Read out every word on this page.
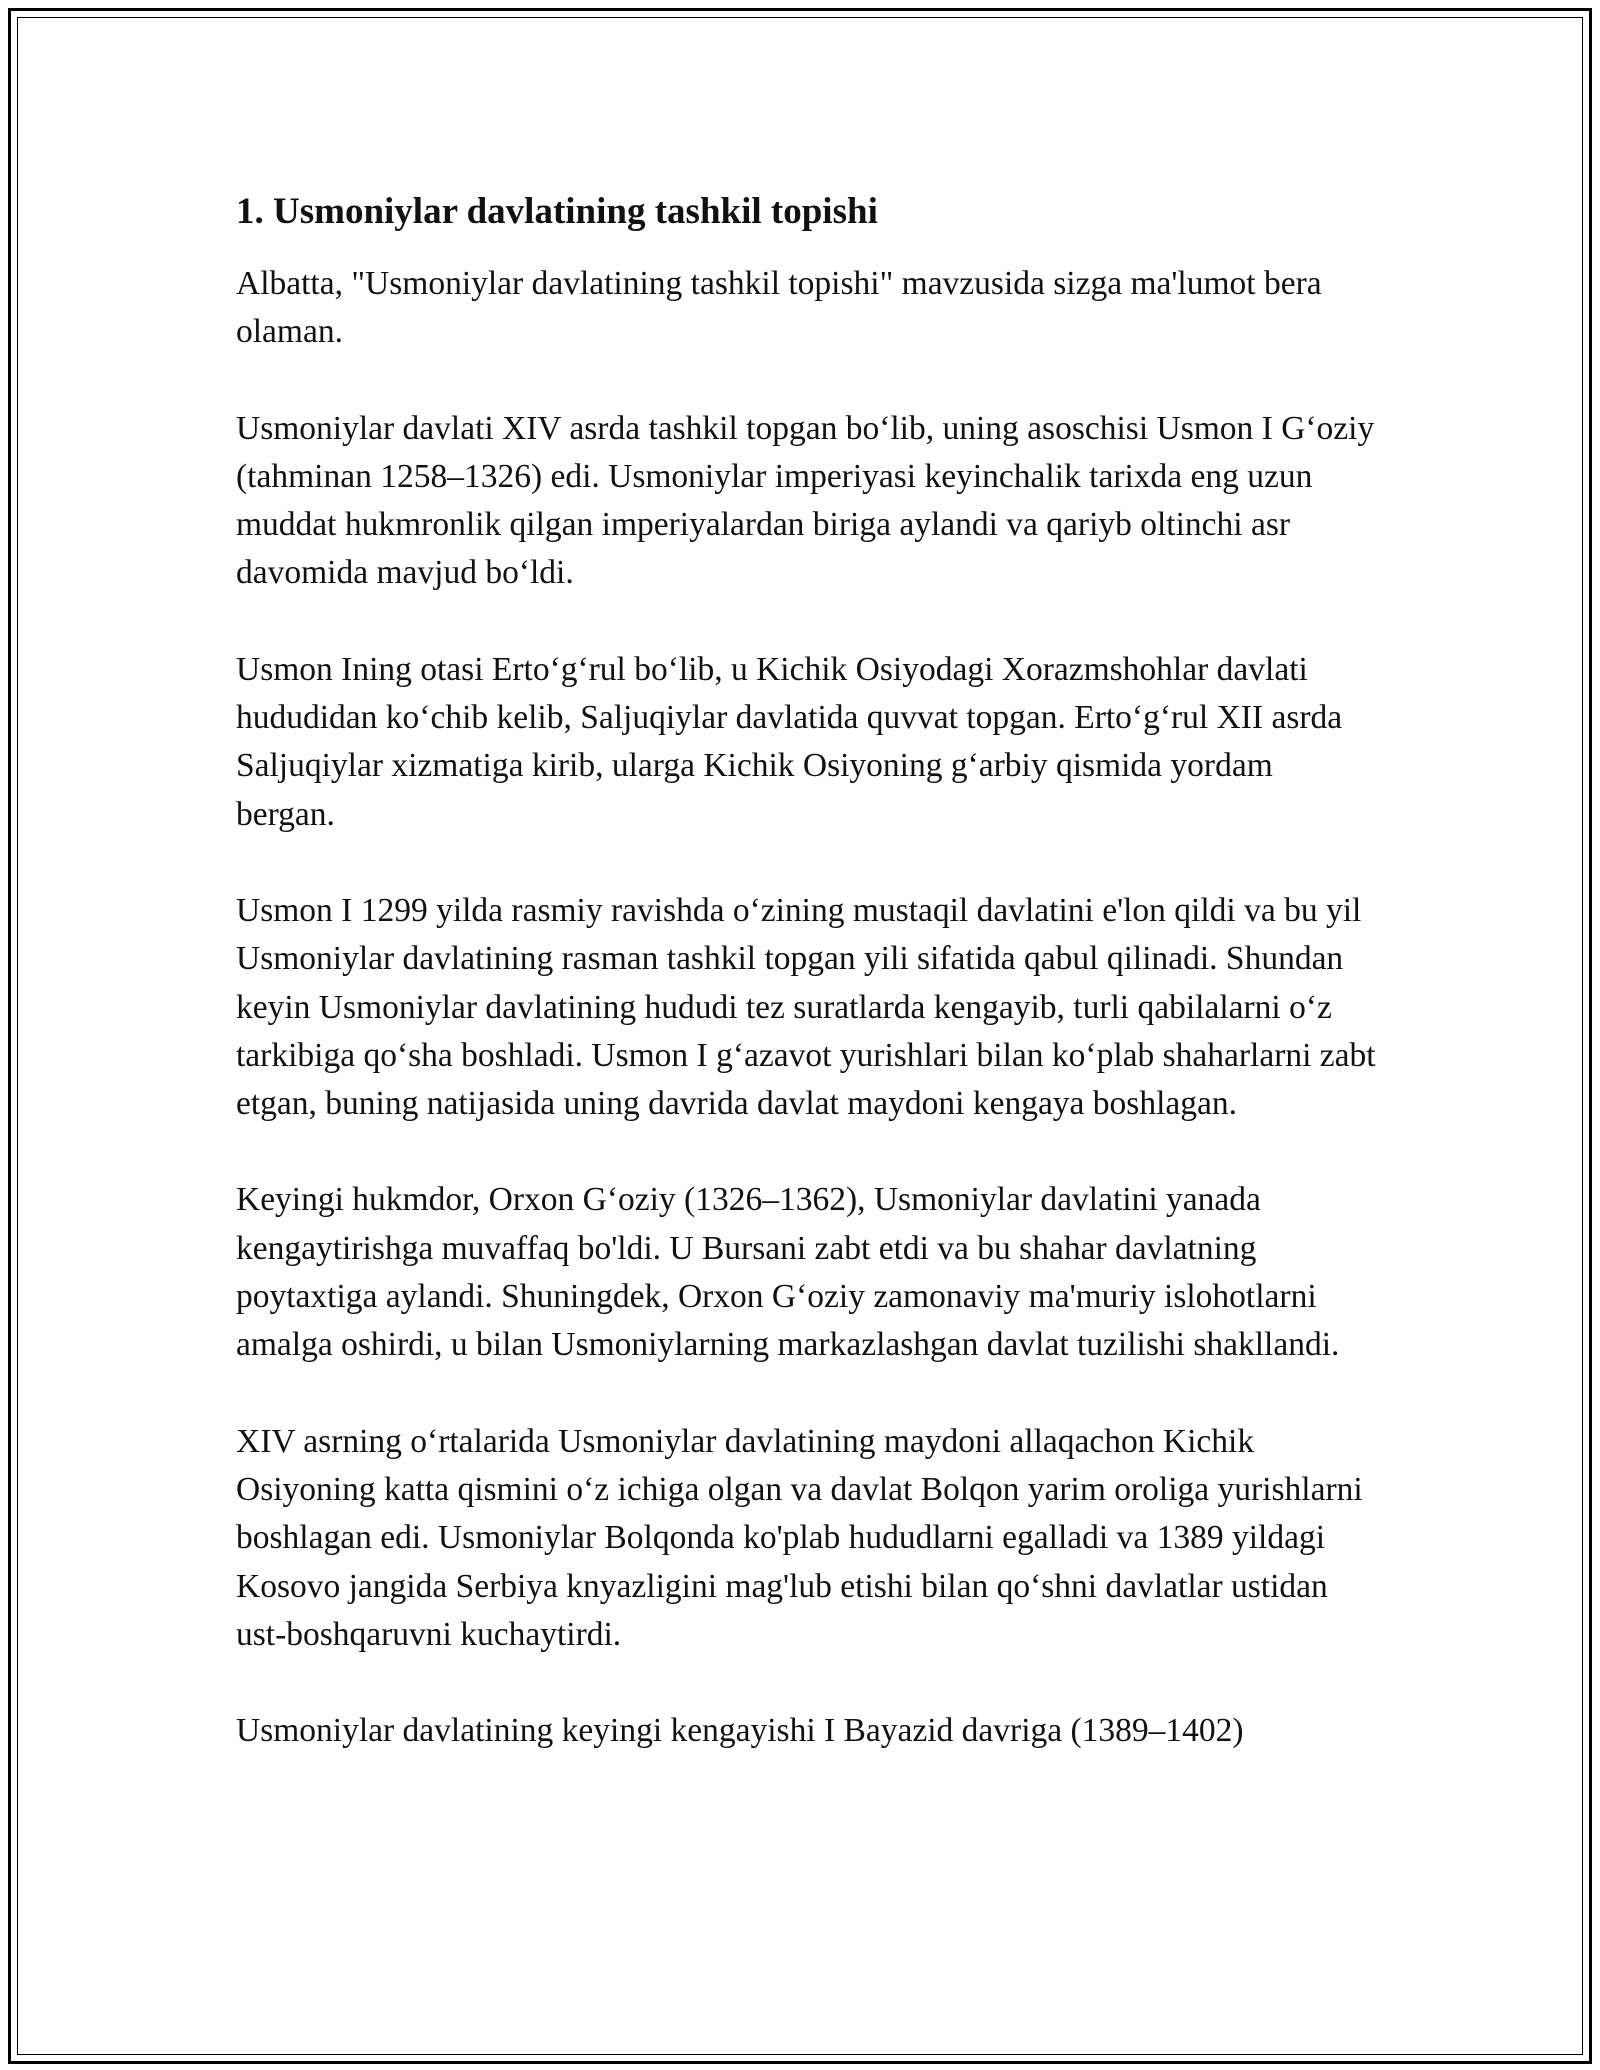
1. Usmoniylar davlatining tashkil topishi

Albatta, "Usmoniylar davlatining tashkil topishi" mavzusida sizga ma'lumot bera olaman.

Usmoniylar davlati XIV asrda tashkil topgan bo‘lib, uning asoschisi Usmon I G‘oziy (tahminan 1258–1326) edi. Usmoniylar imperiyasi keyinchalik tarixda eng uzun muddat hukmronlik qilgan imperiyalardan biriga aylandi va qariyb oltinchi asr davomida mavjud bo‘ldi.

Usmon Ining otasi Erto‘g‘rul bo‘lib, u Kichik Osiyodagi Xorazmshohlar davlati hududidan ko‘chib kelib, Saljuqiylar davlatida quvvat topgan. Erto‘g‘rul XII asrda Saljuqiylar xizmatiga kirib, ularga Kichik Osiyoning g‘arbiy qismida yordam bergan.

Usmon I 1299 yilda rasmiy ravishda o‘zining mustaqil davlatini e'lon qildi va bu yil Usmoniylar davlatining rasman tashkil topgan yili sifatida qabul qilinadi. Shundan keyin Usmoniylar davlatining hududi tez suratlarda kengayib, turli qabilalarni o‘z tarkibiga qo‘sha boshladi. Usmon I g‘azavot yurishlari bilan ko‘plab shaharlarni zabt etgan, buning natijasida uning davrida davlat maydoni kengaya boshlagan.

Keyingi hukmdor, Orxon G‘oziy (1326–1362), Usmoniylar davlatini yanada kengaytirishga muvaffaq bo'ldi. U Bursani zabt etdi va bu shahar davlatning poytaxtiga aylandi. Shuningdek, Orxon G‘oziy zamonaviy ma'muriy islohotlarni amalga oshirdi, u bilan Usmoniylarning markazlashgan davlat tuzilishi shakllandi.

XIV asrning o‘rtalarida Usmoniylar davlatining maydoni allaqachon Kichik Osiyoning katta qismini o‘z ichiga olgan va davlat Bolqon yarim oroliga yurishlarni boshlagan edi. Usmoniylar Bolqonda ko'plab hududlarni egalladi va 1389 yildagi Kosovo jangida Serbiya knyazligini mag'lub etishi bilan qo‘shni davlatlar ustidan ust-boshqaruvni kuchaytirdi.

Usmoniylar davlatining keyingi kengayishi I Bayazid davriga (1389–1402)
